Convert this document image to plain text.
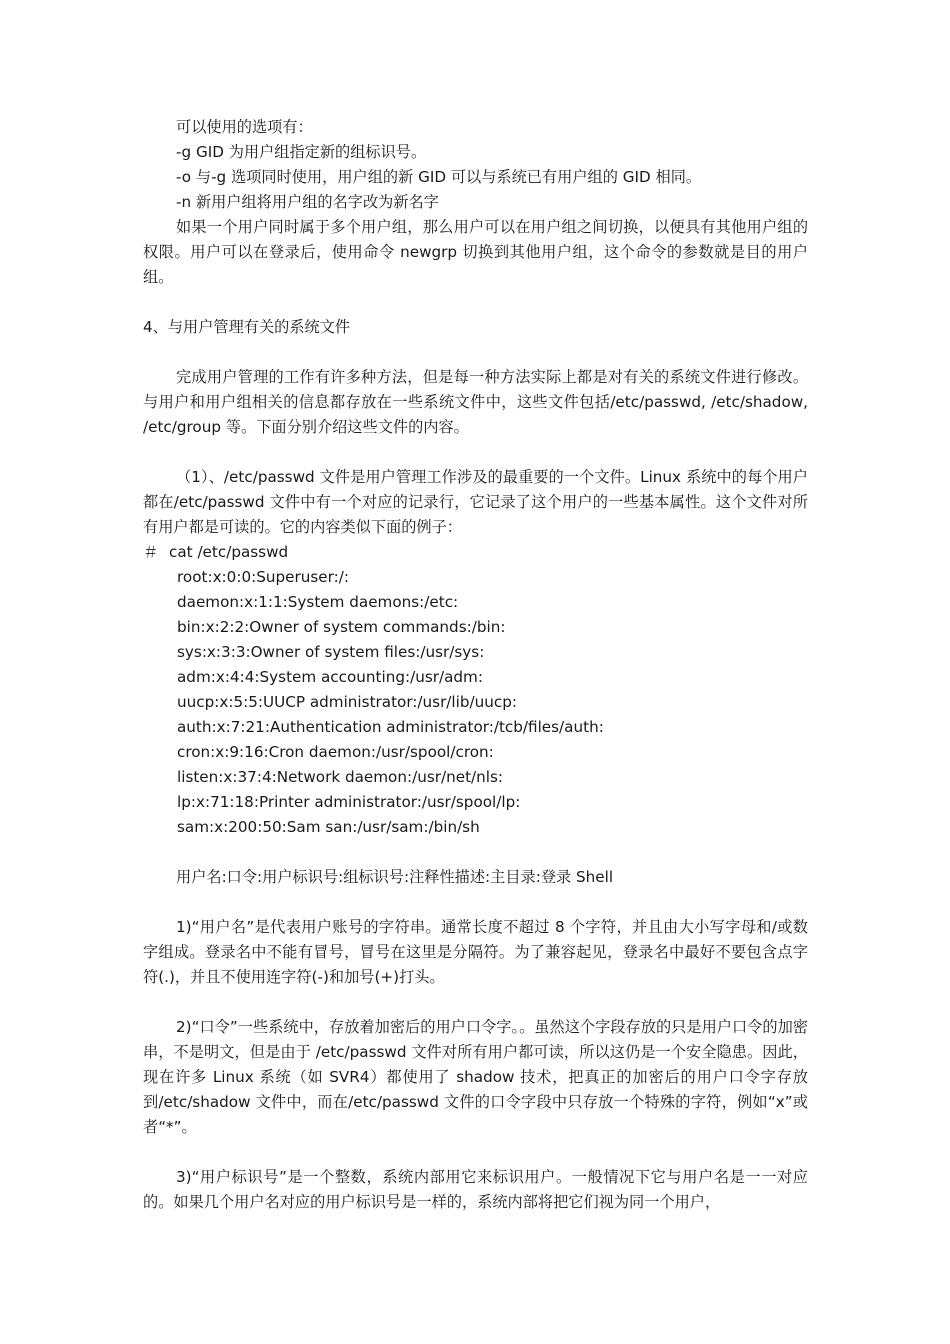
可以使用的选项有：

-g GID 为用户组指定新的组标识号。

-o 与-g 选项同时使用，用户组的新 GID 可以与系统已有用户组的 GID 相同。

-n 新用户组将用户组的名字改为新名字

如果一个用户同时属于多个用户组，那么用户可以在用户组之间切换，以便具有其他用户组的权限。用户可以在登录后，使用命令 newgrp 切换到其他用户组，这个命令的参数就是目的用户组。

4、与用户管理有关的系统文件

完成用户管理的工作有许多种方法，但是每一种方法实际上都是对有关的系统文件进行修改。与用户和用户组相关的信息都存放在一些系统文件中，这些文件包括/etc/passwd, /etc/shadow, /etc/group 等。下面分别介绍这些文件的内容。

（1）、/etc/passwd 文件是用户管理工作涉及的最重要的一个文件。Linux 系统中的每个用户都在/etc/passwd 文件中有一个对应的记录行，它记录了这个用户的一些基本属性。这个文件对所有用户都是可读的。它的内容类似下面的例子：

＃ cat /etc/passwd

root:x:0:0:Superuser:/:

daemon:x:1:1:System daemons:/etc:

bin:x:2:2:Owner of system commands:/bin:

sys:x:3:3:Owner of system files:/usr/sys:

adm:x:4:4:System accounting:/usr/adm:

uucp:x:5:5:UUCP administrator:/usr/lib/uucp:

auth:x:7:21:Authentication administrator:/tcb/files/auth:

cron:x:9:16:Cron daemon:/usr/spool/cron:

listen:x:37:4:Network daemon:/usr/net/nls:

lp:x:71:18:Printer administrator:/usr/spool/lp:

sam:x:200:50:Sam san:/usr/sam:/bin/sh

用户名:口令:用户标识号:组标识号:注释性描述:主目录:登录 Shell

1)“用户名”是代表用户账号的字符串。通常长度不超过 8 个字符，并且由大小写字母和/或数字组成。登录名中不能有冒号，冒号在这里是分隔符。为了兼容起见，登录名中最好不要包含点字符(.)，并且不使用连字符(-)和加号(+)打头。

2)“口令”一些系统中，存放着加密后的用户口令字。。虽然这个字段存放的只是用户口令的加密串，不是明文，但是由于 /etc/passwd 文件对所有用户都可读，所以这仍是一个安全隐患。因此，现在许多 Linux 系统（如 SVR4）都使用了 shadow 技术，把真正的加密后的用户口令字存放到/etc/shadow 文件中，而在/etc/passwd 文件的口令字段中只存放一个特殊的字符，例如“x”或者“*”。

3)“用户标识号”是一个整数，系统内部用它来标识用户。一般情况下它与用户名是一一对应的。如果几个用户名对应的用户标识号是一样的，系统内部将把它们视为同一个用户，
